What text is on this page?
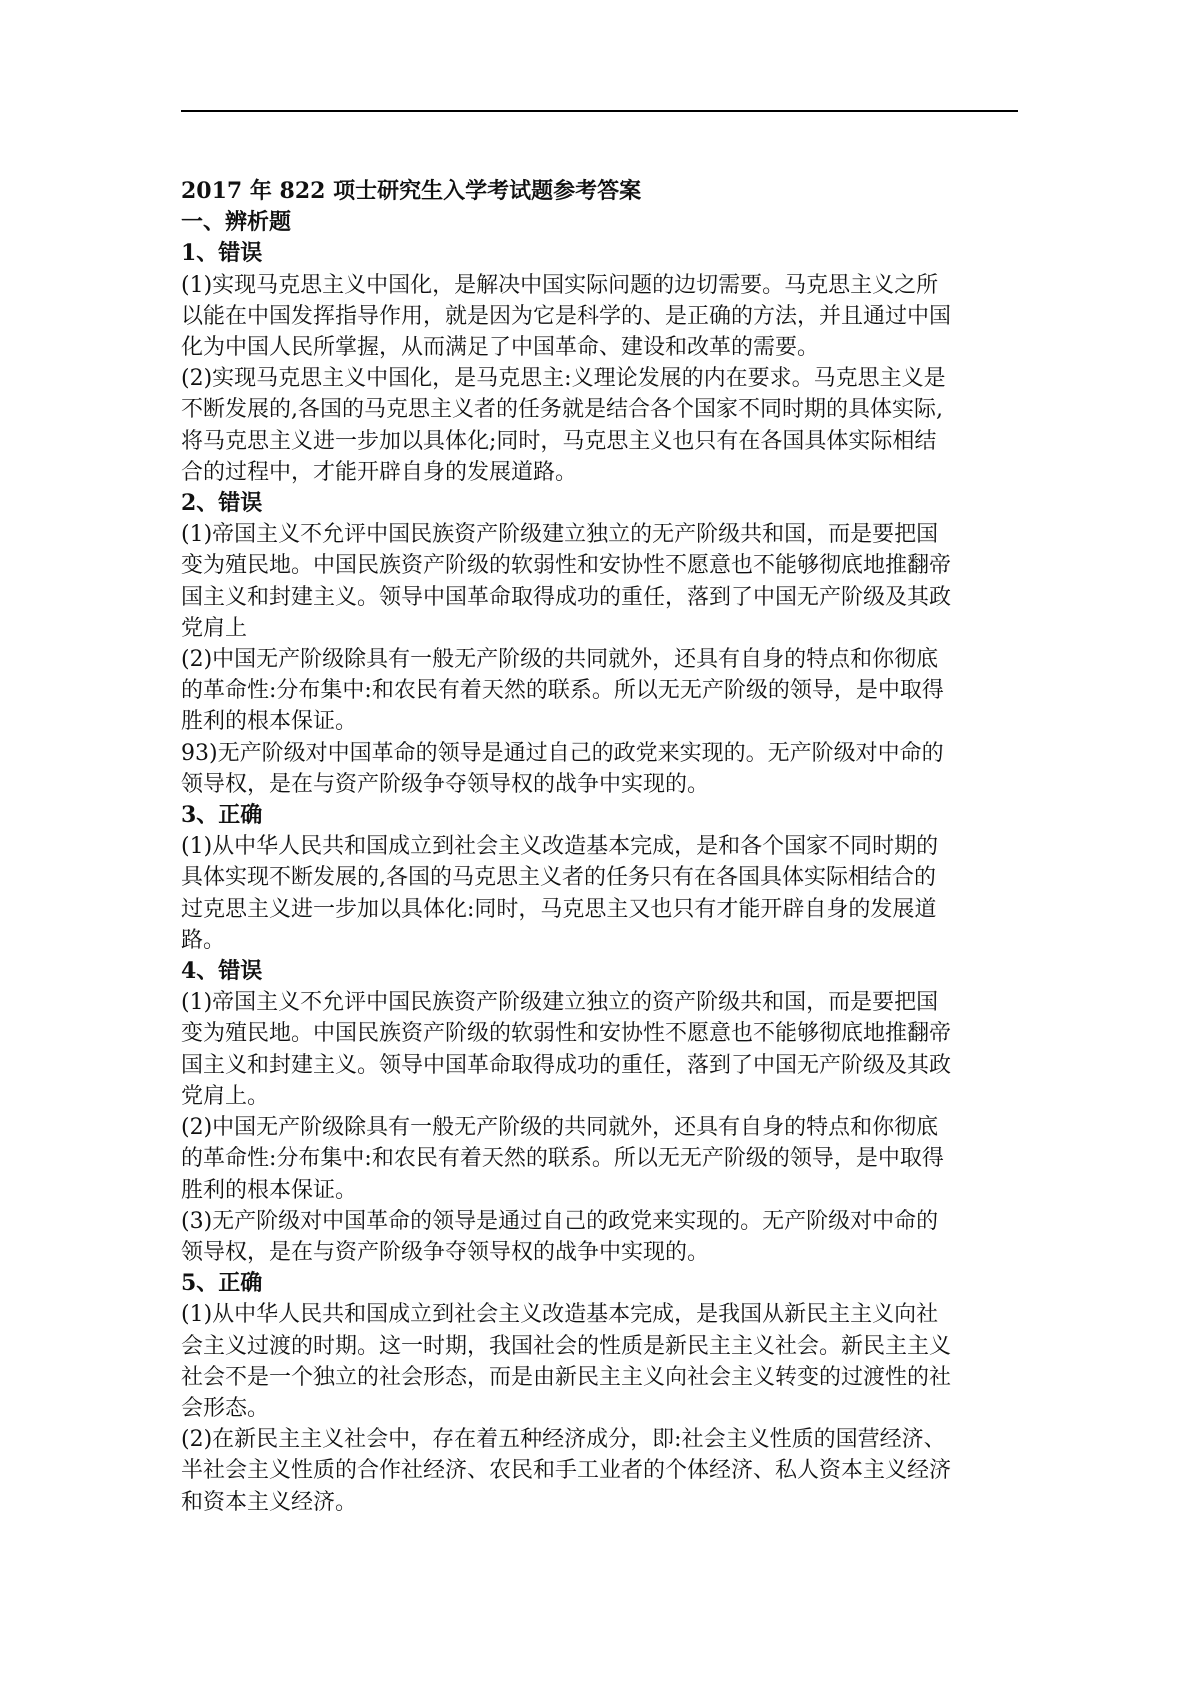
2017 年 822 项士研究生入学考试题参考答案

一、辨析题

1、错误

(1)实现马克思主义中国化，是解决中国实际问题的边切需要。马克思主义之所
以能在中国发挥指导作用，就是因为它是科学的、是正确的方法，并且通过中国
化为中国人民所掌握，从而满足了中国革命、建设和改革的需要。

(2)实现马克思主义中国化，是马克思主:义理论发展的内在要求。马克思主义是
不断发展的,各国的马克思主义者的任务就是结合各个国家不同时期的具体实际,
将马克思主义进一步加以具体化;同时，马克思主义也只有在各国具体实际相结
合的过程中，才能开辟自身的发展道路。

2、错误

(1)帝国主义不允评中国民族资产阶级建立独立的无产阶级共和国，而是要把国
变为殖民地。中国民族资产阶级的软弱性和安协性不愿意也不能够彻底地推翻帝
国主义和封建主义。领导中国革命取得成功的重任，落到了中国无产阶级及其政
党肩上

(2)中国无产阶级除具有一般无产阶级的共同就外，还具有自身的特点和你彻底
的革命性:分布集中:和农民有着天然的联系。所以无无产阶级的领导，是中取得
胜利的根本保证。

93)无产阶级对中国革命的领导是通过自己的政党来实现的。无产阶级对中命的
领导权，是在与资产阶级争夺领导权的战争中实现的。

3、正确

(1)从中华人民共和国成立到社会主义改造基本完成，是和各个国家不同时期的
具体实现不断发展的,各国的马克思主义者的任务只有在各国具体实际相结合的
过克思主义进一步加以具体化:同时，马克思主又也只有才能开辟自身的发展道
路。

4、错误

(1)帝国主义不允评中国民族资产阶级建立独立的资产阶级共和国，而是要把国
变为殖民地。中国民族资产阶级的软弱性和安协性不愿意也不能够彻底地推翻帝
国主义和封建主义。领导中国革命取得成功的重任，落到了中国无产阶级及其政
党肩上。

(2)中国无产阶级除具有一般无产阶级的共同就外，还具有自身的特点和你彻底
的革命性:分布集中:和农民有着天然的联系。所以无无产阶级的领导，是中取得
胜利的根本保证。

(3)无产阶级对中国革命的领导是通过自己的政党来实现的。无产阶级对中命的
领导权，是在与资产阶级争夺领导权的战争中实现的。

5、正确

(1)从中华人民共和国成立到社会主义改造基本完成，是我国从新民主主义向社
会主义过渡的时期。这一时期，我国社会的性质是新民主主义社会。新民主主义
社会不是一个独立的社会形态，而是由新民主主义向社会主义转变的过渡性的社
会形态。

(2)在新民主主义社会中，存在着五种经济成分，即:社会主义性质的国营经济、
半社会主义性质的合作社经济、农民和手工业者的个体经济、私人资本主义经济
和资本主义经济。
